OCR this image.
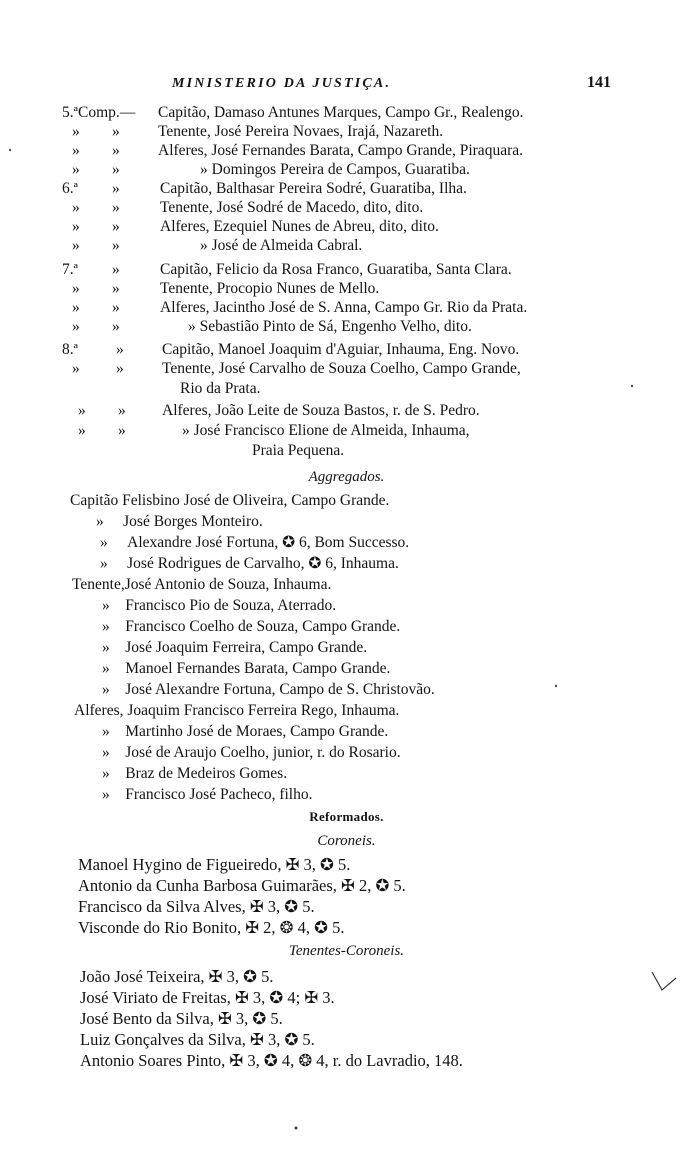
MINISTERIO DA JUSTIÇA.	141
5.ª Comp.— Capitão, Damaso Antunes Marques, Campo Gr., Realengo.
» » Tenente, José Pereira Novaes, Irajá, Nazareth.
» » Alferes, José Fernandes Barata, Campo Grande, Piraquara.
» »	» Domingos Pereira de Campos, Guaratiba.
6.ª »	Capitão, Balthasar Pereira Sodré, Guaratiba, Ilha.
» »	Tenente, José Sodré de Macedo, dito, dito.
» »	Alferes, Ezequiel Nunes de Abreu, dito, dito.
» »	» José de Almeida Cabral.
7.ª »	Capitão, Felicio da Rosa Franco, Guaratiba, Santa Clara.
» »	Tenente, Procopio Nunes de Mello.
» »	Alferes, Jacintho José de S. Anna, Campo Gr. Rio da Prata.
» »	» Sebastião Pinto de Sá, Engenho Velho, dito.
8.ª » Capitão, Manoel Joaquim d'Aguiar, Inhauma, Eng. Novo.
» » Tenente, José Carvalho de Souza Coelho, Campo Grande,
Rio da Prata.
» » Alferes, João Leite de Souza Bastos, r. de S. Pedro.
» »	» José Francisco Elione de Almeida, Inhauma,
Praia Pequena.
Aggregados.
Capitão Felisbino José de Oliveira, Campo Grande.
» José Borges Monteiro.
» Alexandre José Fortuna, ✪ 6, Bom Successo.
» José Rodrigues de Carvalho, ✪ 6, Inhauma.
Tenente,José Antonio de Souza, Inhauma.
» Francisco Pio de Souza, Aterrado.
» Francisco Coelho de Souza, Campo Grande.
» José Joaquim Ferreira, Campo Grande.
» Manoel Fernandes Barata, Campo Grande.
» José Alexandre Fortuna, Campo de S. Christovão.
Alferes, Joaquim Francisco Ferreira Rego, Inhauma.
» Martinho José de Moraes, Campo Grande.
» José de Araujo Coelho, junior, r. do Rosario.
» Braz de Medeiros Gomes.
» Francisco José Pacheco, filho.
Reformados.
Coroneis.
Manoel Hygino de Figueiredo, ✠ 3, ✪ 5.
Antonio da Cunha Barbosa Guimarães, ✠ 2, ✪ 5.
Francisco da Silva Alves, ✠ 3, ✪ 5.
Visconde do Rio Bonito, ✠ 2, ❂ 4, ✪ 5.
Tenentes-Coroneis.
João José Teixeira, ✠ 3, ✪ 5.
José Viriato de Freitas, ✠ 3, ✪ 4; ✠ 3.
José Bento da Silva, ✠ 3, ✪ 5.
Luiz Gonçalves da Silva, ✠ 3, ✪ 5.
Antonio Soares Pinto, ✠ 3, ✪ 4, ❂ 4, r. do Lavradio, 148.
